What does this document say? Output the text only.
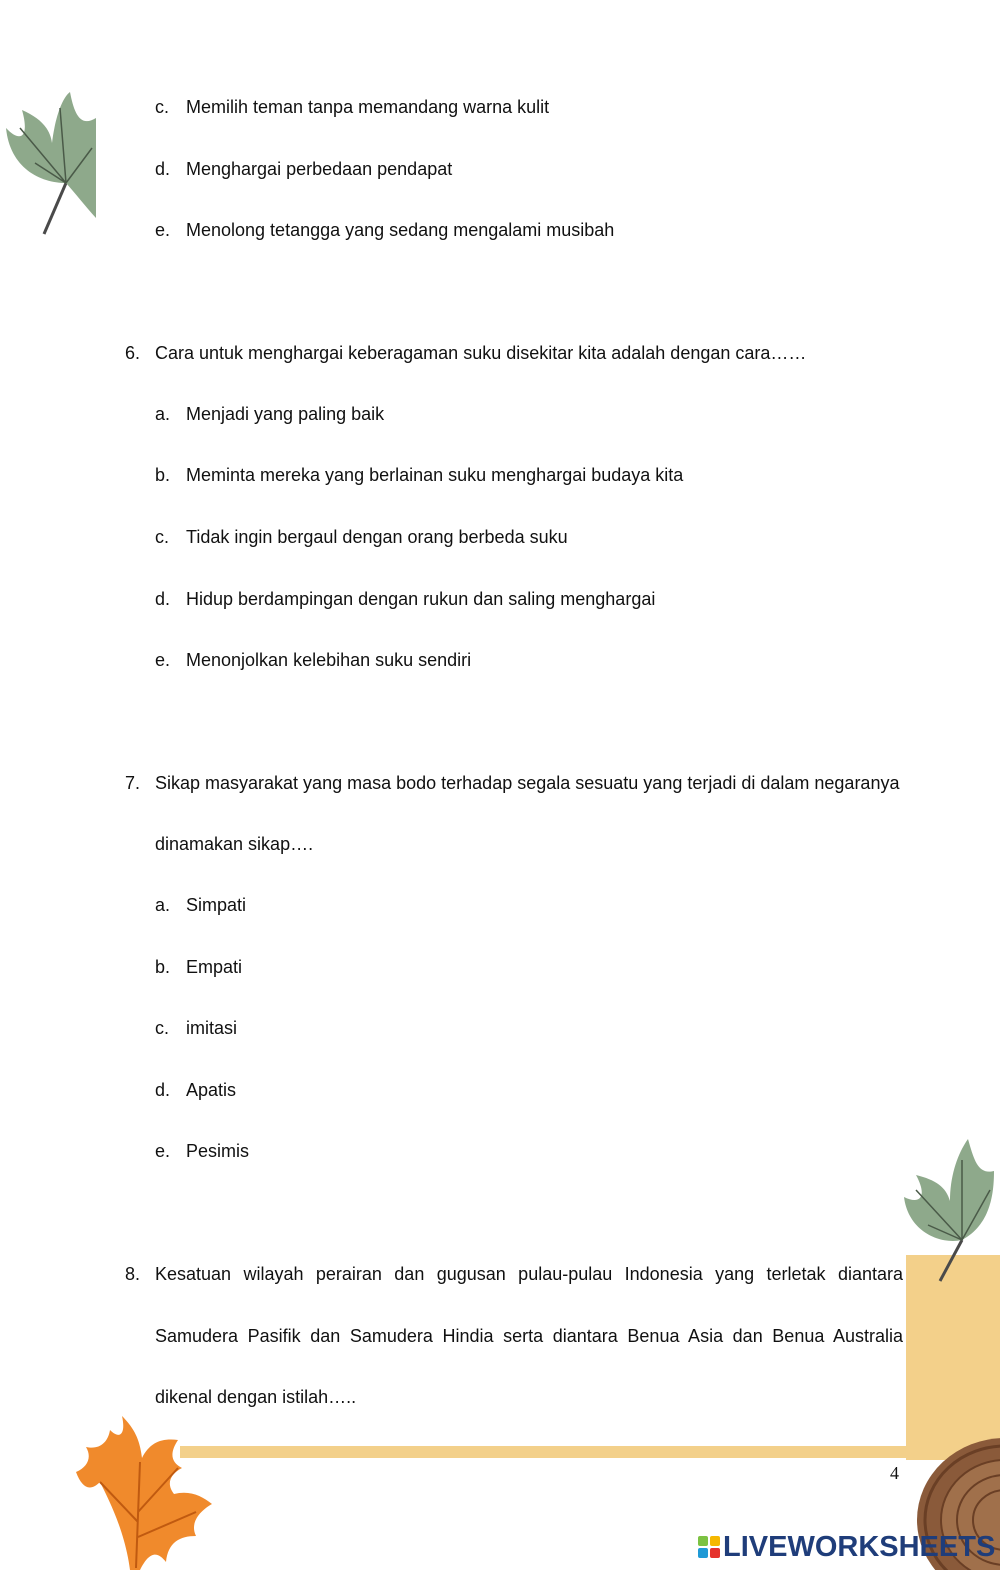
c. Memilih teman tanpa memandang warna kulit
d. Menghargai perbedaan pendapat
e. Menolong tetangga yang sedang mengalami musibah
6. Cara untuk menghargai keberagaman suku disekitar kita adalah dengan cara……
a. Menjadi yang paling baik
b. Meminta mereka yang berlainan suku menghargai budaya kita
c. Tidak ingin bergaul dengan orang berbeda suku
d. Hidup berdampingan dengan rukun dan saling menghargai
e. Menonjolkan kelebihan suku sendiri
7. Sikap masyarakat yang masa bodo terhadap segala sesuatu yang terjadi di dalam negaranya
dinamakan sikap….
a. Simpati
b. Empati
c. imitasi
d. Apatis
e. Pesimis
8. Kesatuan wilayah perairan dan gugusan pulau-pulau Indonesia yang terletak diantara
Samudera Pasifik dan Samudera Hindia serta diantara Benua Asia dan Benua Australia
dikenal dengan istilah…..
4
LIVEWORKSHEETS
